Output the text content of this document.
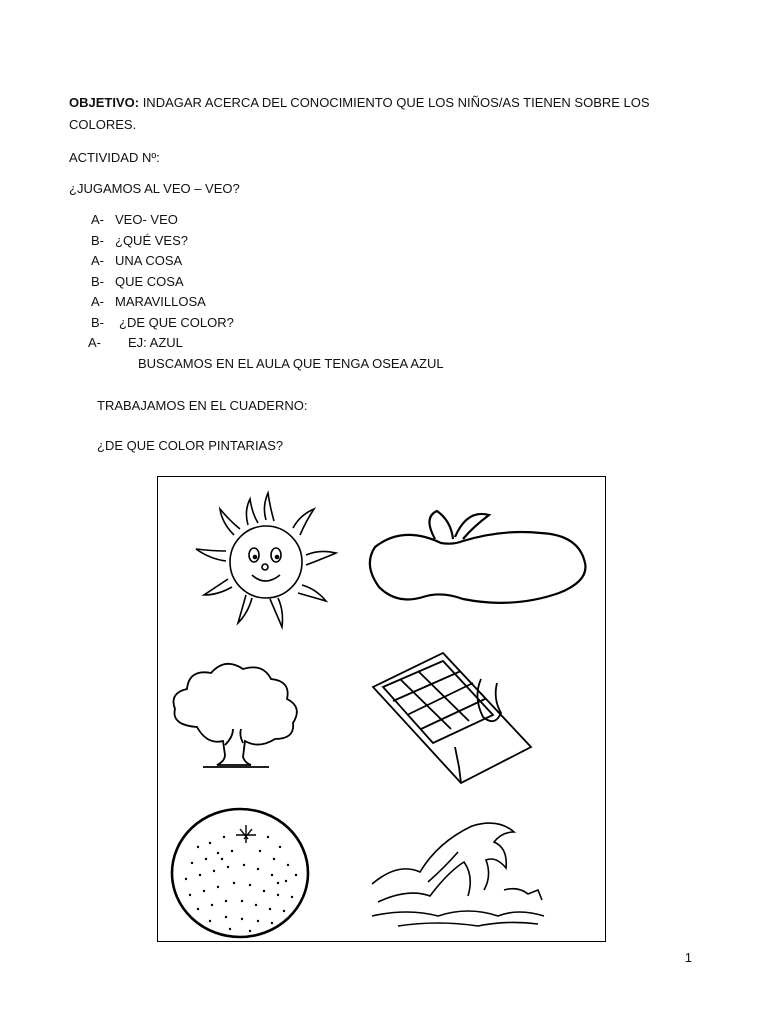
OBJETIVO: INDAGAR ACERCA DEL CONOCIMIENTO QUE LOS NIÑOS/AS TIENEN SOBRE LOS
COLORES.
ACTIVIDAD Nº:
¿JUGAMOS AL VEO – VEO?
A- VEO- VEO
B- ¿QUÉ VES?
A- UNA COSA
B- QUE COSA
A- MARAVILLOSA
B- ¿DE QUE COLOR?
A- EJ: AZUL
BUSCAMOS EN EL AULA QUE TENGA OSEA AZUL
TRABAJAMOS EN EL CUADERNO:
¿DE QUE COLOR PINTARIAS?
1
